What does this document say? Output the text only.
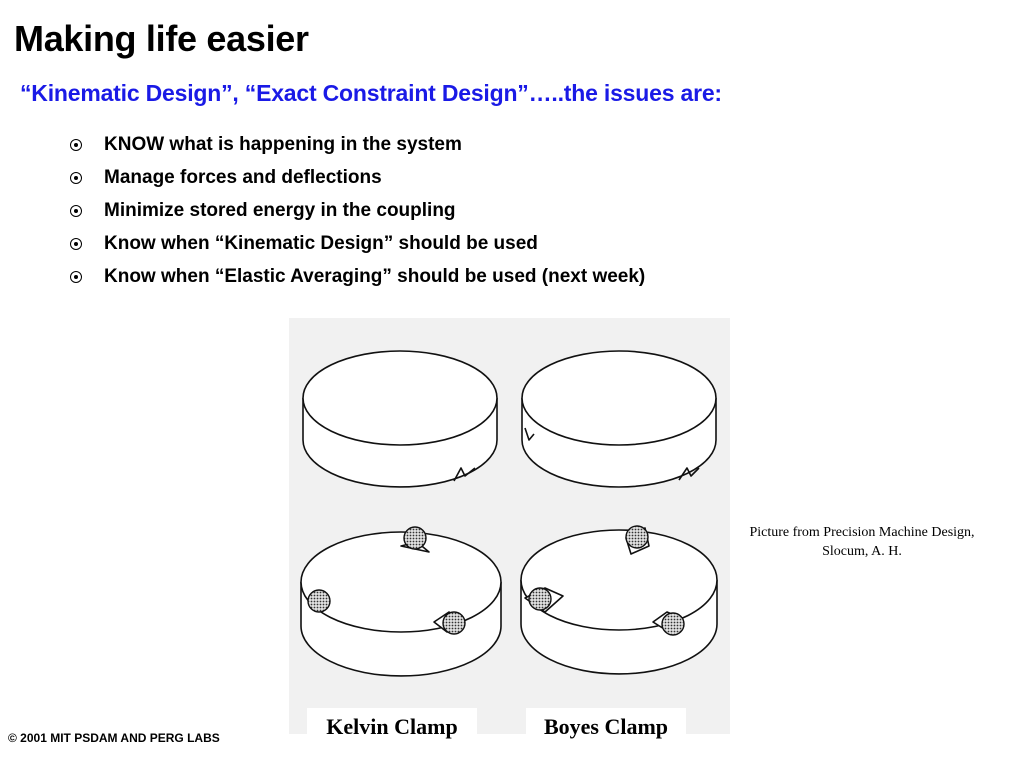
Making life easier
“Kinematic Design”, “Exact Constraint Design”…..the issues are:
KNOW what is happening in the system
Manage forces and deflections
Minimize stored energy in the coupling
Know when “Kinematic Design” should be used
Know when “Elastic Averaging” should be used (next week)
Kelvin Clamp	Boyes Clamp
Picture from Precision Machine Design, Slocum, A. H.
© 2001 MIT PSDAM AND PERG LABS
